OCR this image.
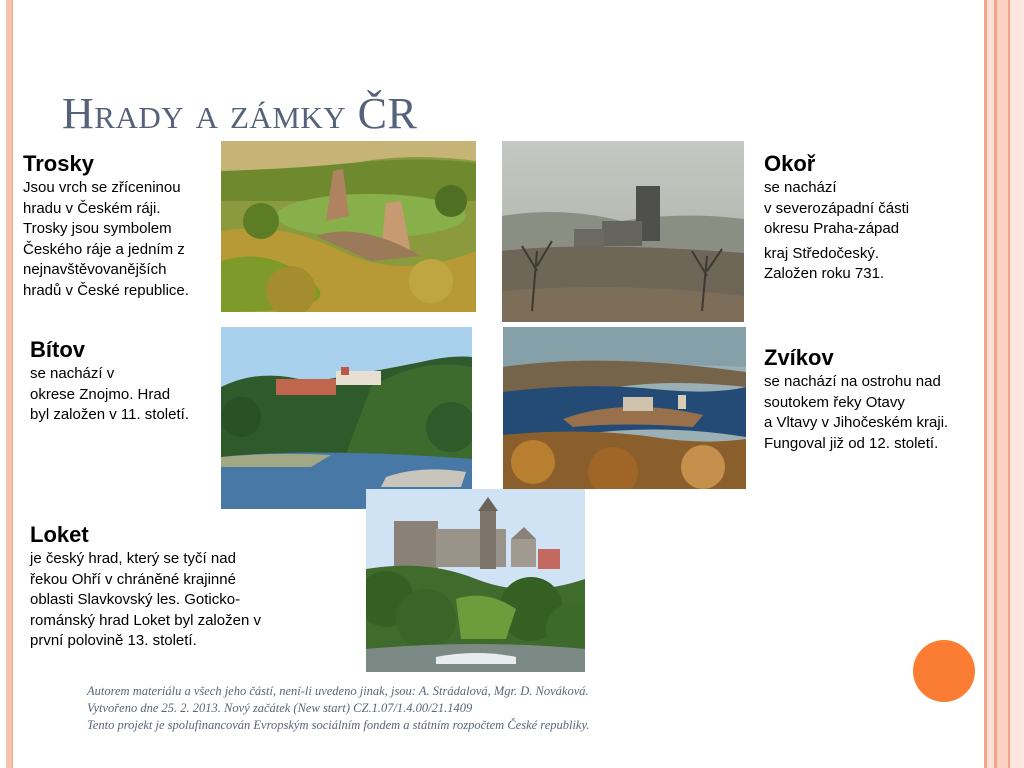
Hrady a zámky ČR
Trosky
Jsou vrch se zříceninou
hradu v Českém ráji.
Trosky jsou symbolem
Českého ráje a jedním z
nejnavštěvovanějších
hradů v České republice.
Okoř
se nachází
v severozápadní části
okresu Praha-západ
kraj Středočeský.
Založen roku 731.
Bítov
se nachází v
okrese Znojmo. Hrad
byl založen v 11. století.
Zvíkov
se nachází na ostrohu nad
soutokem řeky Otavy
a Vltavy v Jihočeském kraji.
Fungoval již od 12. století.
Loket
je český hrad, který se tyčí nad
řekou Ohří v chráněné krajinné
oblasti Slavkovský les. Goticko-
románský hrad Loket byl založen v
první polovině 13. století.
Autorem materiálu a všech jeho částí, není-li uvedeno jinak, jsou: A. Strádalová, Mgr. D. Nováková.
Vytvořeno dne 25. 2. 2013. Nový začátek (New start) CZ.1.07/1.4.00/21.1409
Tento projekt je spolufinancován Evropským sociálním fondem a státním rozpočtem České republiky.
